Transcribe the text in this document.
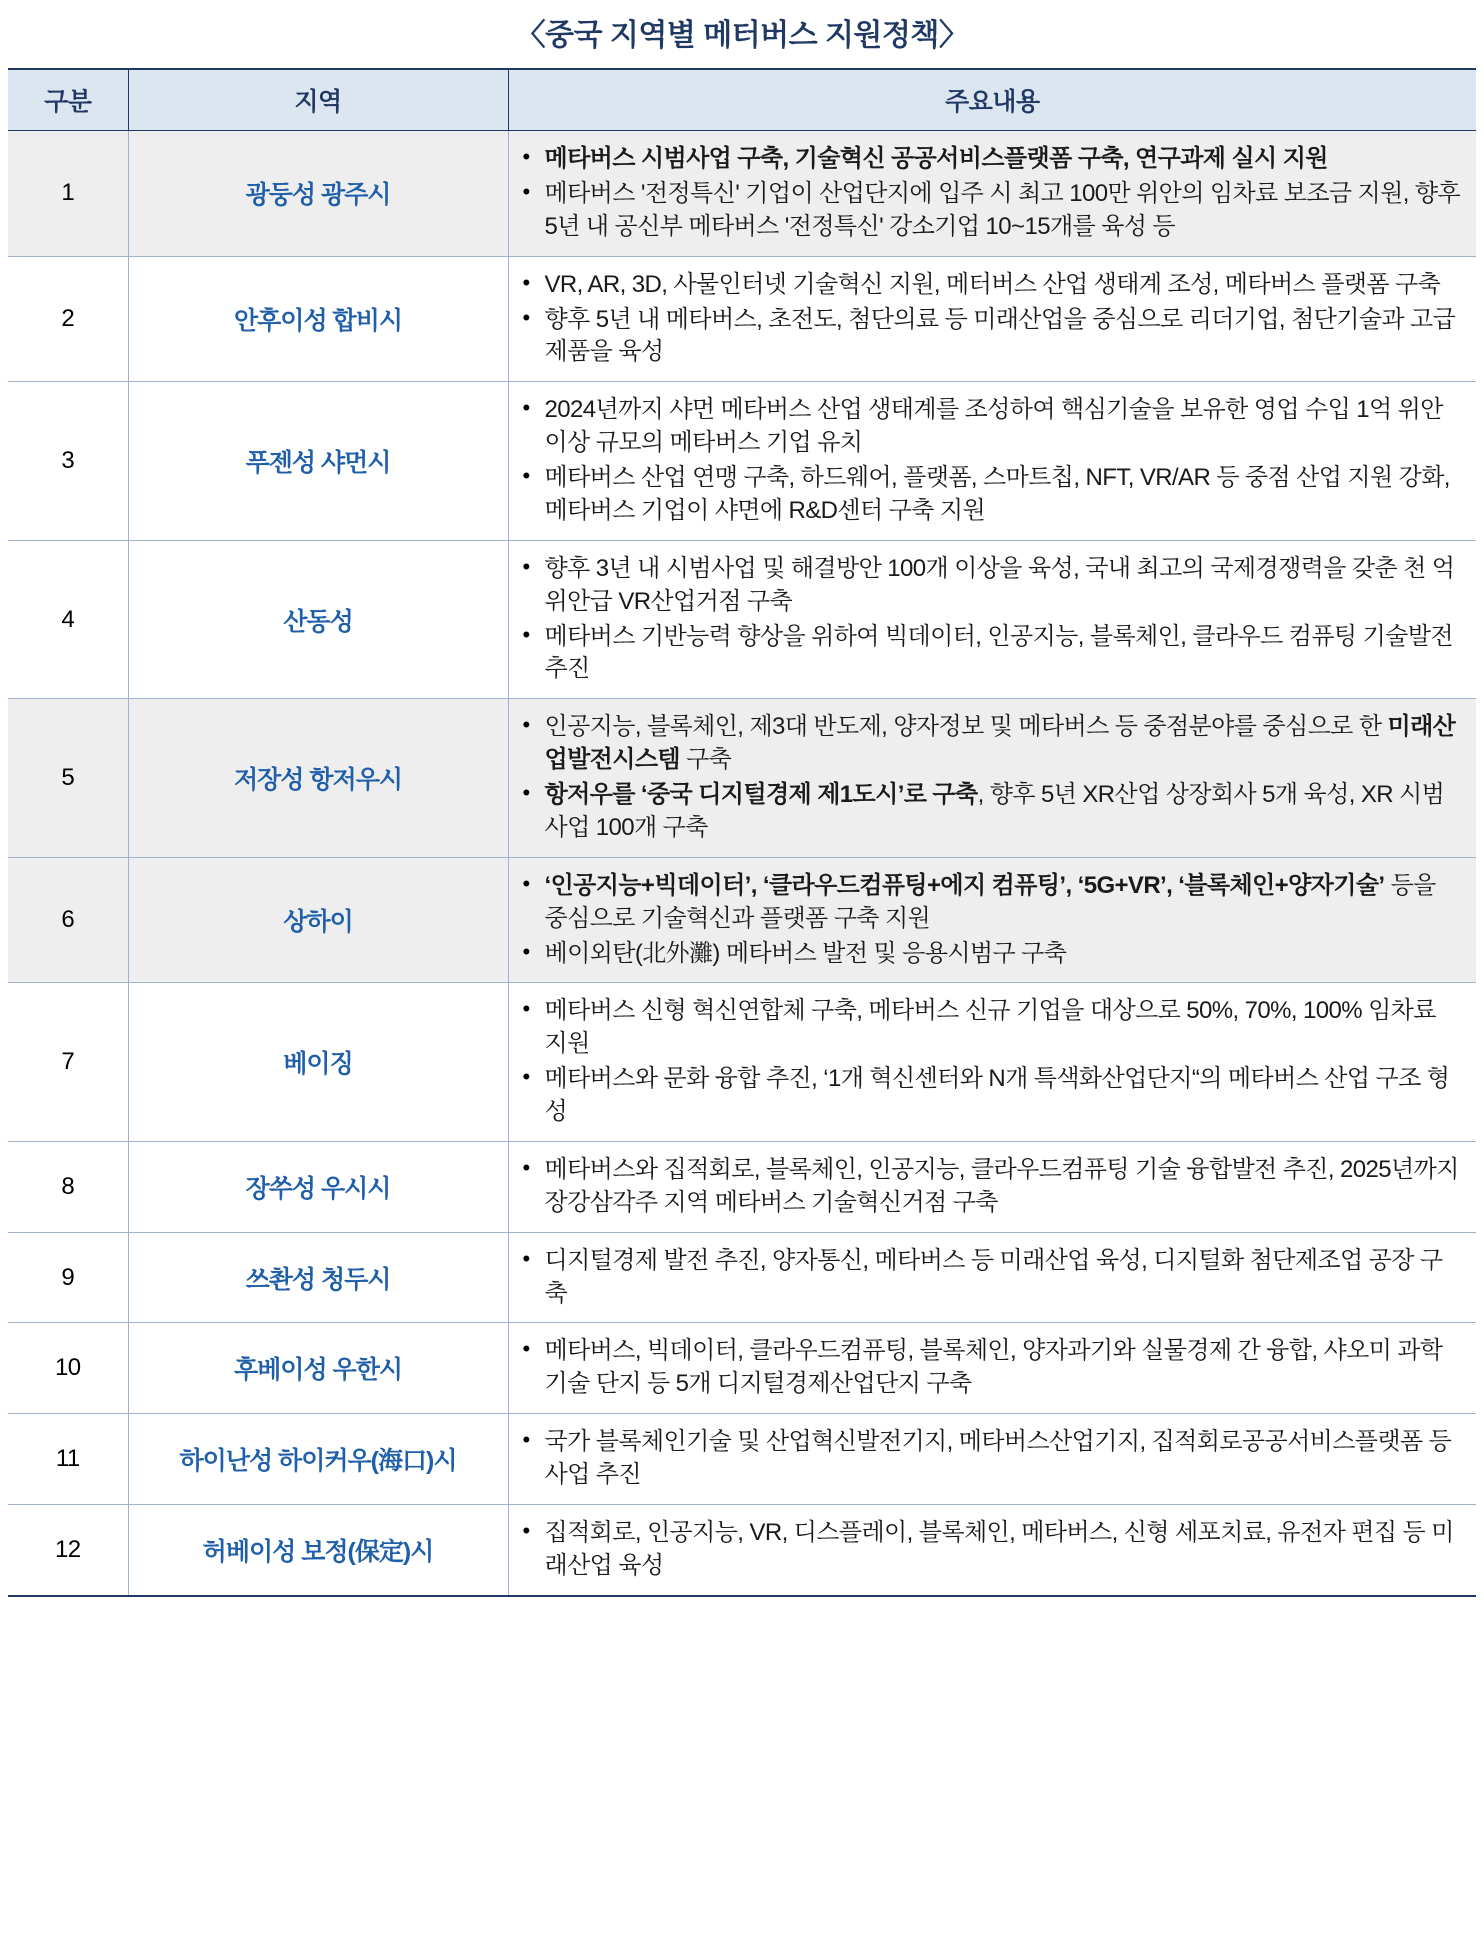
〈중국 지역별 메터버스 지원정책〉
구분	지역	주요내용
1	광둥성 광주시	
• 메타버스 시범사업 구축, 기술혁신 공공서비스플랫폼 구축, 연구과제 실시 지원
• 메타버스 '전정특신' 기업이 산업단지에 입주 시 최고 100만 위안의 임차료 보조금 지원, 향후 5년 내 공신부 메타버스 '전정특신' 강소기업 10~15개를 육성 등

2	안후이성 합비시	
• VR, AR, 3D, 사물인터넷 기술혁신 지원, 메터버스 산업 생태계 조성, 메타버스 플랫폼 구축
• 향후 5년 내 메타버스, 초전도, 첨단의료 등 미래산업을 중심으로 리더기업, 첨단기술과 고급제품을 육성

3	푸젠성 샤먼시	
• 2024년까지 샤먼 메타버스 산업 생태계를 조성하여 핵심기술을 보유한 영업 수입 1억 위안 이상 규모의 메타버스 기업 유치
• 메타버스 산업 연맹 구축, 하드웨어, 플랫폼, 스마트칩, NFT, VR/AR 등 중점 산업 지원 강화, 메타버스 기업이 샤면에 R&D센터 구축 지원

4	산동성	
• 향후 3년 내 시범사업 및 해결방안 100개 이상을 육성, 국내 최고의 국제경쟁력을 갖춘 천 억 위안급 VR산업거점 구축
• 메타버스 기반능력 향상을 위하여 빅데이터, 인공지능, 블록체인, 클라우드 컴퓨팅 기술발전 추진

5	저장성 항저우시	
• 인공지능, 블록체인, 제3대 반도제, 양자정보 및 메타버스 등 중점분야를 중심으로 한 미래산업발전시스템 구축
• 항저우를 ‘중국 디지털경제 제1도시’로 구축, 향후 5년 XR산업 상장회사 5개 육성, XR 시범사업 100개 구축

6	상하이	
• ‘인공지능+빅데이터’, ‘클라우드컴퓨팅+에지 컴퓨팅’, ‘5G+VR’, ‘블록체인+양자기술’ 등을 중심으로 기술혁신과 플랫폼 구축 지원
• 베이외탄(北外灘) 메타버스 발전 및 응용시범구 구축

7	베이징	
• 메타버스 신형 혁신연합체 구축, 메타버스 신규 기업을 대상으로 50%, 70%, 100% 임차료 지원
• 메타버스와 문화 융합 추진, ‘1개 혁신센터와 N개 특색화산업단지“의 메타버스 산업 구조 형성

8	장쑤성 우시시	
• 메타버스와 집적회로, 블록체인, 인공지능, 클라우드컴퓨팅 기술 융합발전 추진, 2025년까지 장강삼각주 지역 메타버스 기술혁신거점 구축

9	쓰촨성 청두시	
• 디지털경제 발전 추진, 양자통신, 메타버스 등 미래산업 육성, 디지털화 첨단제조업 공장 구축

10	후베이성 우한시	
• 메타버스, 빅데이터, 클라우드컴퓨팅, 블록체인, 양자과기와 실물경제 간 융합, 샤오미 과학기술 단지 등 5개 디지털경제산업단지 구축

11	하이난성 하이커우(海口)시	
• 국가 블록체인기술 및 산업혁신발전기지, 메타버스산업기지, 집적회로공공서비스플랫폼 등 사업 추진

12	허베이성 보정(保定)시	
• 집적회로, 인공지능, VR, 디스플레이, 블록체인, 메타버스, 신형 세포치료, 유전자 편집 등 미래산업 육성
